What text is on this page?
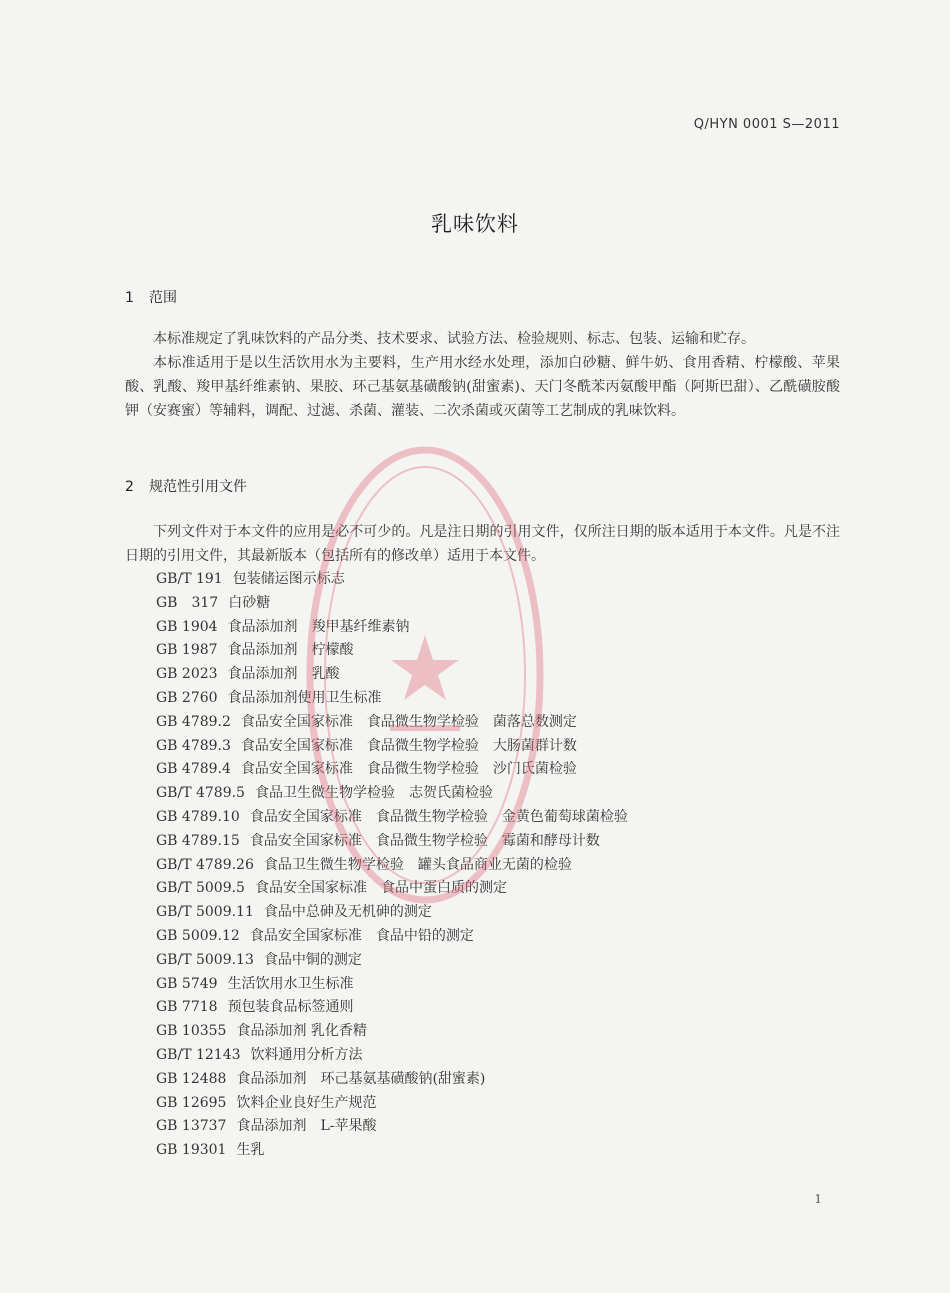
Q/HYN 0001 S—2011
乳味饮料
1 范围
本标准规定了乳味饮料的产品分类、技术要求、试验方法、检验规则、标志、包装、运输和贮存。
本标准适用于是以生活饮用水为主要料，生产用水经水处理，添加白砂糖、鲜牛奶、食用香精、柠檬酸、苹果酸、乳酸、羧甲基纤维素钠、果胶、环己基氨基磺酸钠(甜蜜素)、天门冬酰苯丙氨酸甲酯（阿斯巴甜）、乙酰磺胺酸钾（安赛蜜）等辅料，调配、过滤、杀菌、灌装、二次杀菌或灭菌等工艺制成的乳味饮料。
2 规范性引用文件
下列文件对于本文件的应用是必不可少的。凡是注日期的引用文件，仅所注日期的版本适用于本文件。凡是不注日期的引用文件，其最新版本（包括所有的修改单）适用于本文件。
GB/T 191 包装储运图示标志
GB　317 白砂糖
GB 1904 食品添加剂 羧甲基纤维素钠
GB 1987 食品添加剂 柠檬酸
GB 2023 食品添加剂 乳酸
GB 2760 食品添加剂使用卫生标准
GB 4789.2 食品安全国家标准 食品微生物学检验 菌落总数测定
GB 4789.3 食品安全国家标准 食品微生物学检验 大肠菌群计数
GB 4789.4 食品安全国家标准 食品微生物学检验 沙门氏菌检验
GB/T 4789.5 食品卫生微生物学检验 志贺氏菌检验
GB 4789.10 食品安全国家标准 食品微生物学检验 金黄色葡萄球菌检验
GB 4789.15 食品安全国家标准 食品微生物学检验 霉菌和酵母计数
GB/T 4789.26 食品卫生微生物学检验 罐头食品商业无菌的检验
GB/T 5009.5 食品安全国家标准 食品中蛋白质的测定
GB/T 5009.11 食品中总砷及无机砷的测定
GB 5009.12 食品安全国家标准 食品中铅的测定
GB/T 5009.13 食品中铜的测定
GB 5749 生活饮用水卫生标准
GB 7718 预包装食品标签通则
GB 10355 食品添加剂 乳化香精
GB/T 12143 饮料通用分析方法
GB 12488 食品添加剂 环己基氨基磺酸钠(甜蜜素)
GB 12695 饮料企业良好生产规范
GB 13737 食品添加剂 L-苹果酸
GB 19301 生乳
1
